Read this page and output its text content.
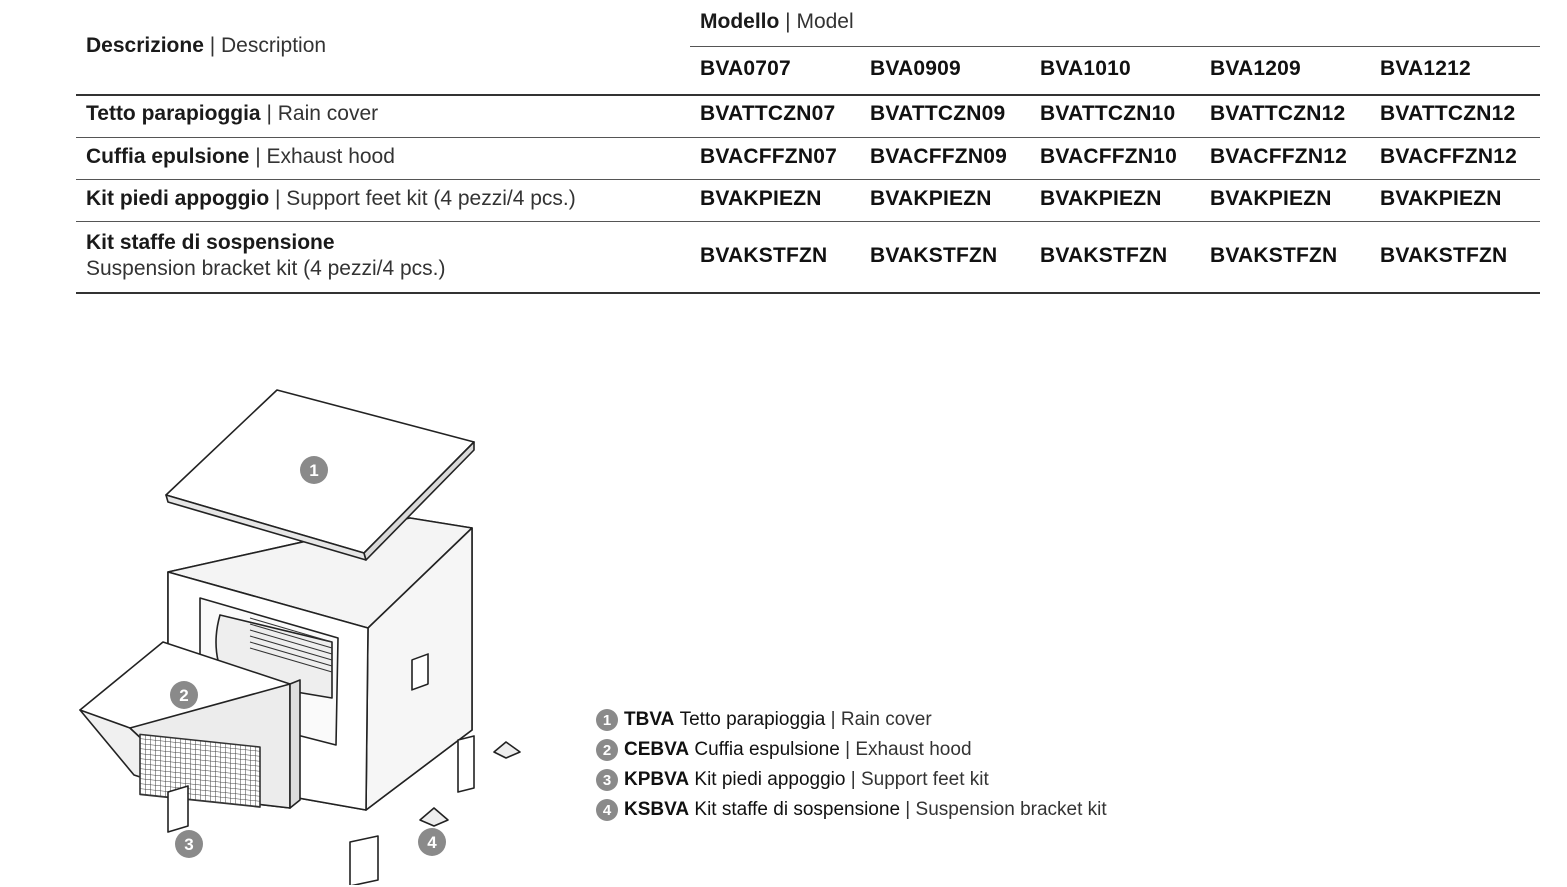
Descrizione | Description
Modello | Model
BVA0707	BVA0909	BVA1010	BVA1209	BVA1212
Tetto parapioggia | Rain cover	BVATTCZN07 BVATTCZN09 BVATTCZN10 BVATTCZN12 BVATTCZN12
Cuffia epulsione | Exhaust hood	BVACFFZN07 BVACFFZN09 BVACFFZN10 BVACFFZN12 BVACFFZN12
Kit piedi appoggio | Support feet kit (4 pezzi/4 pcs.)	BVAKPIEZN BVAKPIEZN BVAKPIEZN BVAKPIEZN BVAKPIEZN
Kit staffe di sospensione
Suspension bracket kit (4 pezzi/4 pcs.)
BVAKSTFZN BVAKSTFZN BVAKSTFZN BVAKSTFZN BVAKSTFZN
1
2
3	4
1 TBVA
Tetto parapioggia | Rain cover
2 CEBVA
Cuffia espulsione | Exhaust hood
3 KPBVA
Kit piedi appoggio | Support feet kit
4 KSBVA
Kit staffe di sospensione | Suspension bracket kit
